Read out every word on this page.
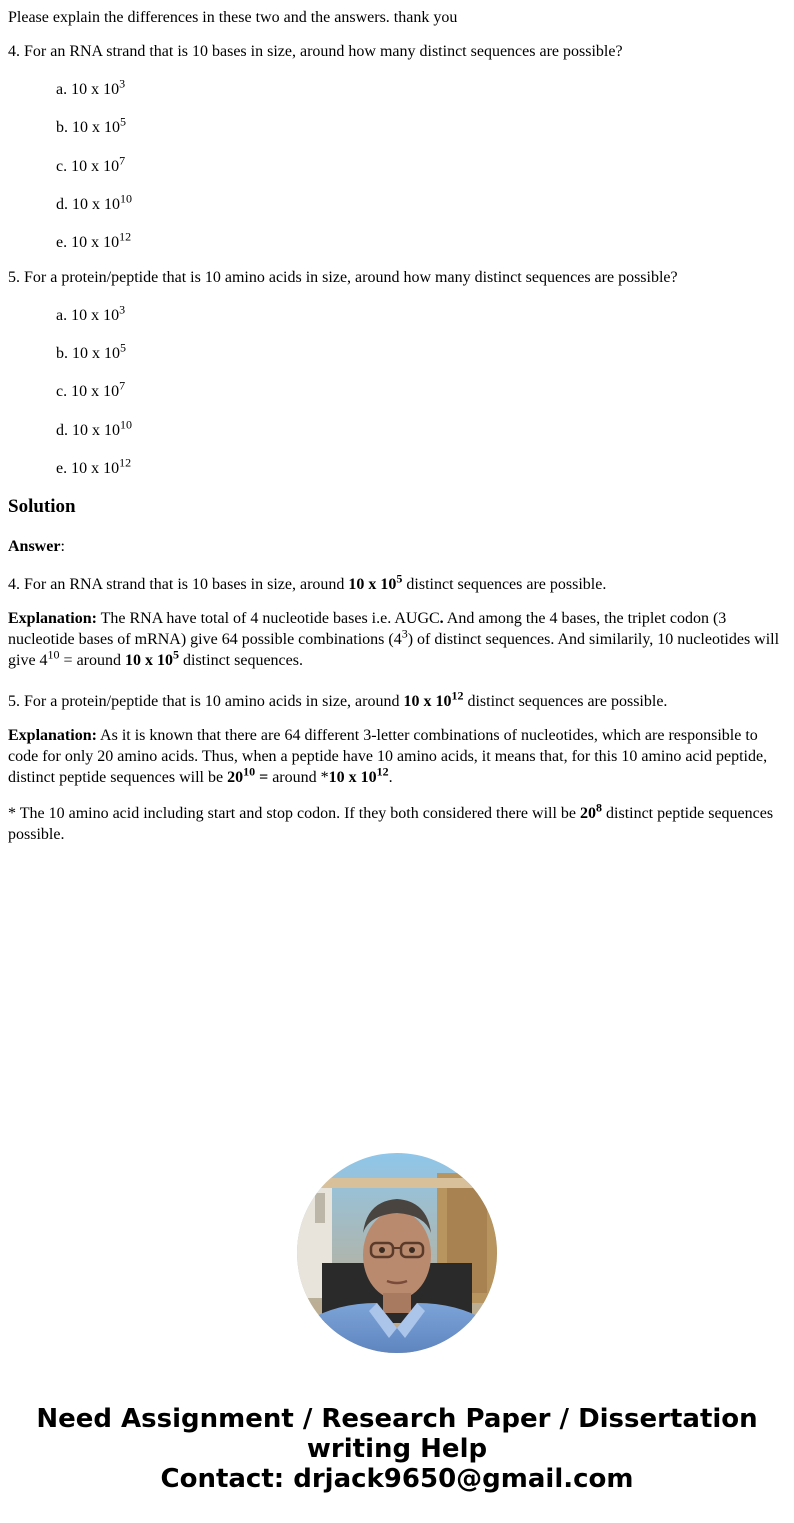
Please explain the differences in these two and the answers. thank you

4. For an RNA strand that is 10 bases in size, around how many distinct sequences are possible?

a. 10 x $10^3$

b. 10 x $10^5$

c. 10 x $10^7$

d. 10 x $10^{10}$

e. 10 x $10^{12}$

5. For a protein/peptide that is 10 amino acids in size, around how many distinct sequences are possible?

a. 10 x $10^3$

b. 10 x $10^5$

c. 10 x $10^7$

d. 10 x $10^{10}$

e. 10 x $10^{12}$

Solution

Answer:

4. For an RNA strand that is 10 bases in size, around 10 x $10^5$ distinct sequences are possible.

Explanation: The RNA have total of 4 nucleotide bases i.e. AUGC. And among the 4 bases, the triplet codon (3 nucleotide bases of mRNA) give 64 possible combinations $(4^3)$ of distinct sequences. And similarily, 10 nucleotides will give $4^{10}$ = around 10 x $10^5$ distinct sequences.

5. For a protein/peptide that is 10 amino acids in size, around 10 x $10^{12}$ distinct sequences are possible.

Explanation: As it is known that there are 64 different 3-letter combinations of nucleotides, which are responsible to code for only 20 amino acids. Thus, when a peptide have 10 amino acids, it means that, for this 10 amino acid peptide, distinct peptide sequences will be $20^{10}$ = around *10 x $10^{12}$.

* The 10 amino acid including start and stop codon. If they both considered there will be $20^8$ distinct peptide sequences possible.

Need Assignment / Research Paper / Dissertation
writing Help
Contact: drjack9650@gmail.com
